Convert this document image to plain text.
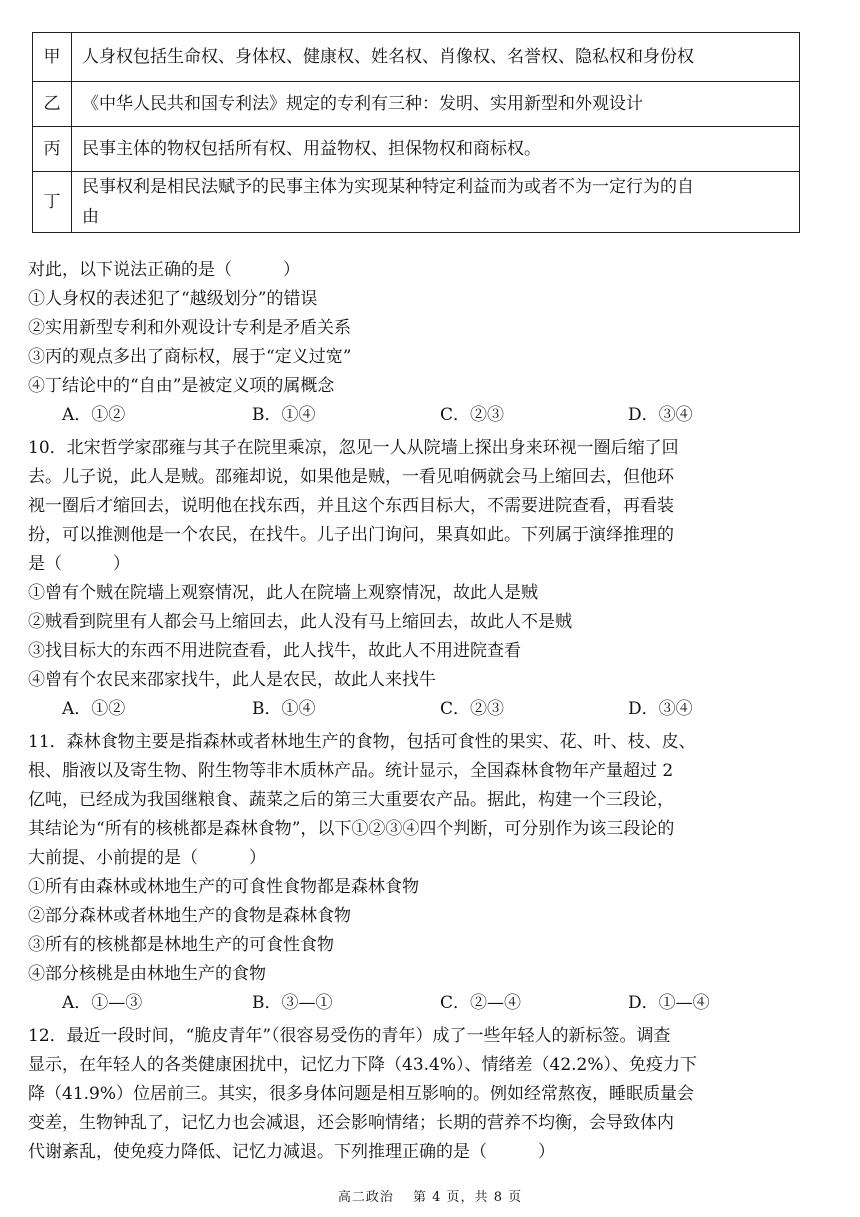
甲	人身权包括生命权、身体权、健康权、姓名权、肖像权、名誉权、隐私权和身份权
乙	《中华人民共和国专利法》规定的专利有三种：发明、实用新型和外观设计
丙	民事主体的物权包括所有权、用益物权、担保物权和商标权。
丁	民事权利是相民法赋予的民事主体为实现某种特定利益而为或者不为一定行为的自
由
对此，以下说法正确的是（　　　）
①人身权的表述犯了“越级划分”的错误
②实用新型专利和外观设计专利是矛盾关系
③丙的观点多出了商标权，展于“定义过宽”
④丁结论中的“自由”是被定义项的属概念
A．①②	B．①④	C．②③	D．③④
10．北宋哲学家邵雍与其子在院里乘凉，忽见一人从院墙上探出身来环视一圈后缩了回
去。儿子说，此人是贼。邵雍却说，如果他是贼，一看见咱俩就会马上缩回去，但他环
视一圈后才缩回去，说明他在找东西，并且这个东西目标大，不需要进院查看，再看装
扮，可以推测他是一个农民，在找牛。儿子出门询问，果真如此。下列属于演绎推理的
是（　　　）
①曾有个贼在院墙上观察情况，此人在院墙上观察情况，故此人是贼
②贼看到院里有人都会马上缩回去，此人没有马上缩回去，故此人不是贼
③找目标大的东西不用进院查看，此人找牛，故此人不用进院查看
④曾有个农民来邵家找牛，此人是农民，故此人来找牛
A．①②	B．①④	C．②③	D．③④
11．森林食物主要是指森林或者林地生产的食物，包括可食性的果实、花、叶、枝、皮、
根、脂液以及寄生物、附生物等非木质林产品。统计显示，全国森林食物年产量超过 2
亿吨，已经成为我国继粮食、蔬菜之后的第三大重要农产品。据此，构建一个三段论，
其结论为“所有的核桃都是森林食物”，以下①②③④四个判断，可分别作为该三段论的
大前提、小前提的是（　　　）
①所有由森林或林地生产的可食性食物都是森林食物
②部分森林或者林地生产的食物是森林食物
③所有的核桃都是林地生产的可食性食物
④部分核桃是由林地生产的食物
A．①—③	B．③—①	C．②—④	D．①—④
12．最近一段时间，“脆皮青年”（很容易受伤的青年）成了一些年轻人的新标签。调查
显示，在年轻人的各类健康困扰中，记忆力下降（43.4%）、情绪差（42.2%）、免疫力下
降（41.9%）位居前三。其实，很多身体问题是相互影响的。例如经常熬夜，睡眠质量会
变差，生物钟乱了，记忆力也会减退，还会影响情绪；长期的营养不均衡，会导致体内
代谢紊乱，使免疫力降低、记忆力减退。下列推理正确的是（　　　）
高二政治　 第 4 页，共 8 页
